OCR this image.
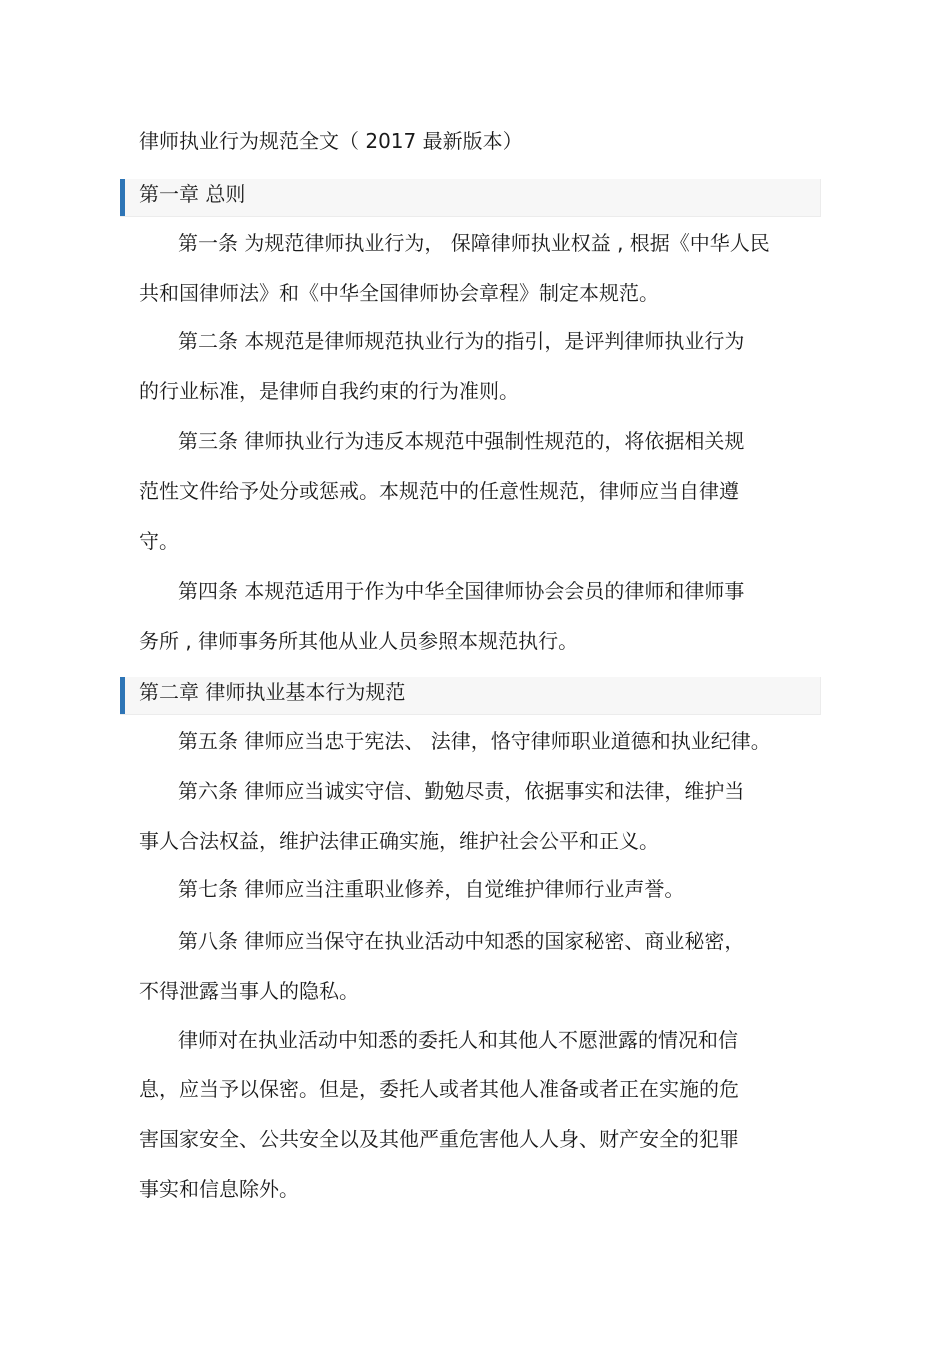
律师执业行为规范全文（ 2017 最新版本）
第一章 总则
第一条 为规范律师执业行为， 保障律师执业权益 , 根据《中华人民
共和国律师法》和《中华全国律师协会章程》制定本规范。
第二条 本规范是律师规范执业行为的指引，是评判律师执业行为
的行业标准，是律师自我约束的行为准则。
第三条 律师执业行为违反本规范中强制性规范的，将依据相关规
范性文件给予处分或惩戒。本规范中的任意性规范，律师应当自律遵
守。
第四条 本规范适用于作为中华全国律师协会会员的律师和律师事
务所 , 律师事务所其他从业人员参照本规范执行。
第二章 律师执业基本行为规范
第五条 律师应当忠于宪法、 法律，恪守律师职业道德和执业纪律。
第六条 律师应当诚实守信、勤勉尽责，依据事实和法律，维护当
事人合法权益，维护法律正确实施，维护社会公平和正义。
第七条 律师应当注重职业修养，自觉维护律师行业声誉。
第八条 律师应当保守在执业活动中知悉的国家秘密、商业秘密，
不得泄露当事人的隐私。
律师对在执业活动中知悉的委托人和其他人不愿泄露的情况和信
息，应当予以保密。但是，委托人或者其他人准备或者正在实施的危
害国家安全、公共安全以及其他严重危害他人人身、财产安全的犯罪
事实和信息除外。
